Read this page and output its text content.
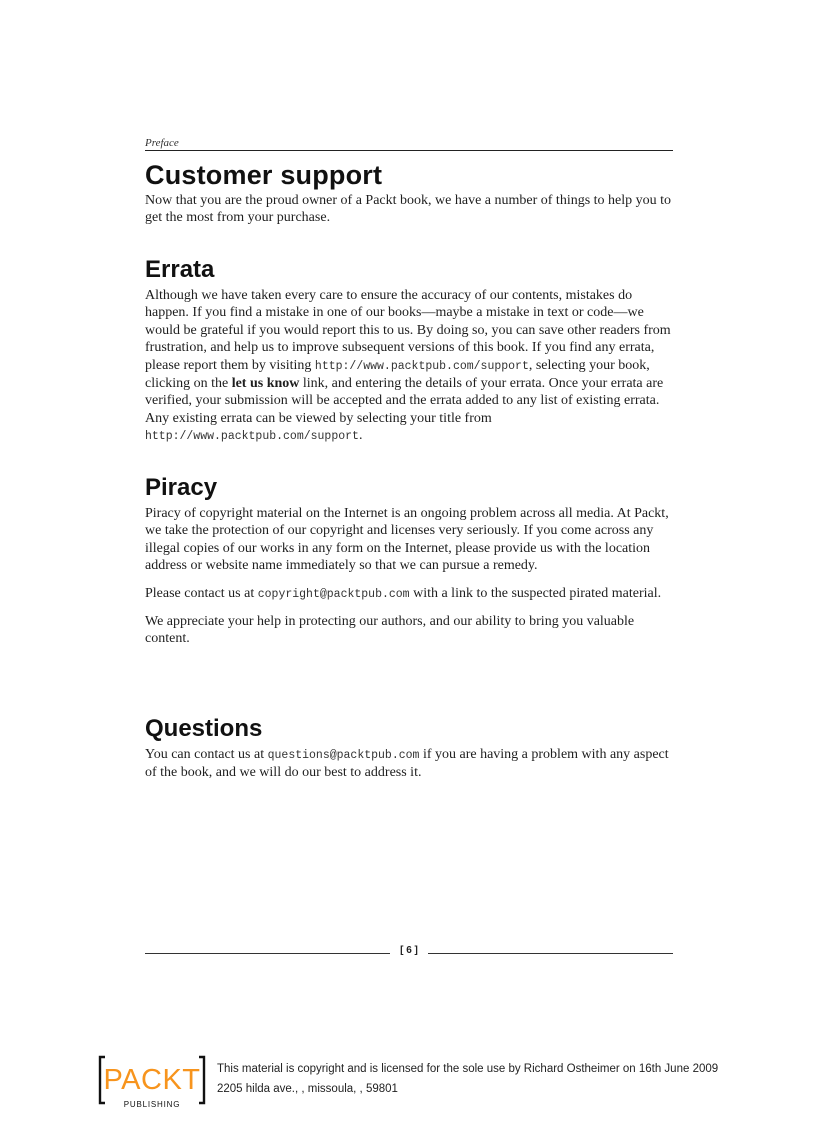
Preface
Customer support

Now that you are the proud owner of a Packt book, we have a number of things to help you to get the most from your purchase.

Errata

Although we have taken every care to ensure the accuracy of our contents, mistakes do happen. If you find a mistake in one of our books—maybe a mistake in text or code—we would be grateful if you would report this to us. By doing so, you can save other readers from frustration, and help us to improve subsequent versions of this book. If you find any errata, please report them by visiting http://www.packtpub.com/support, selecting your book, clicking on the let us know link, and entering the details of your errata. Once your errata are verified, your submission will be accepted and the errata added to any list of existing errata. Any existing errata can be viewed by selecting your title from http://www.packtpub.com/support.

Piracy

Piracy of copyright material on the Internet is an ongoing problem across all media. At Packt, we take the protection of our copyright and licenses very seriously. If you come across any illegal copies of our works in any form on the Internet, please provide us with the location address or website name immediately so that we can pursue a remedy.

Please contact us at copyright@packtpub.com with a link to the suspected pirated material.

We appreciate your help in protecting our authors, and our ability to bring you valuable content.

Questions

You can contact us at questions@packtpub.com if you are having a problem with any aspect of the book, and we will do our best to address it.

[ 6 ]
PACKT
PUBLISHING
This material is copyright and is licensed for the sole use by Richard Ostheimer on 16th June 2009
2205 hilda ave., , missoula, , 59801
